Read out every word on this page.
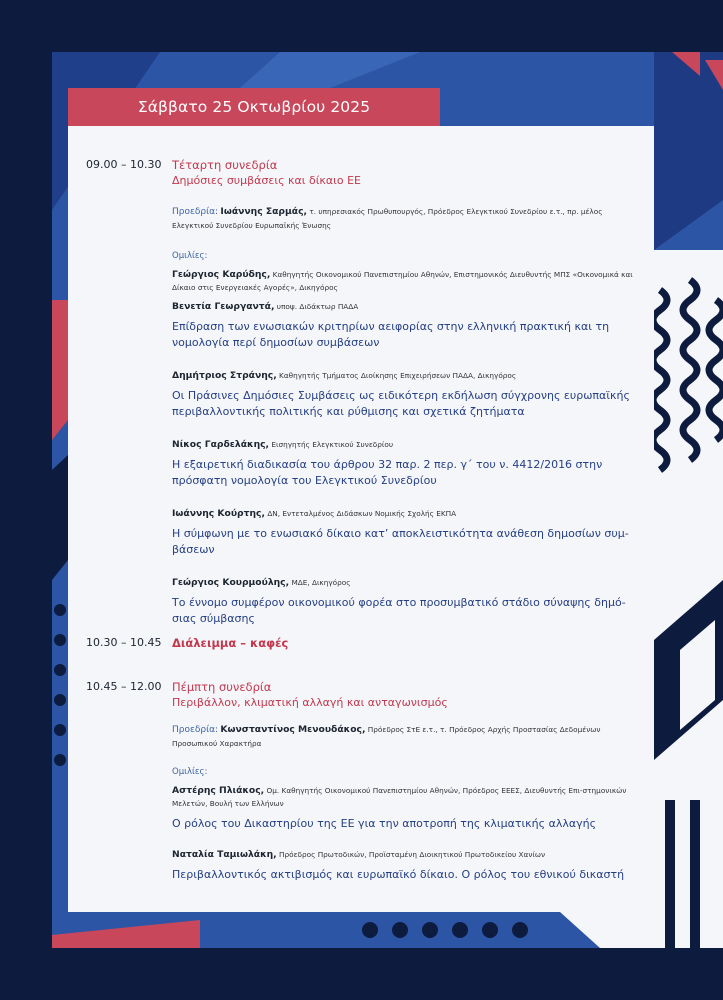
Σάββατο 25 Οκτωβρίου 2025
09.00 – 10.30 Τέταρτη συνεδρία
Δημόσιες συμβάσεις και δίκαιο ΕΕ
Προεδρία: Ιωάννης Σαρμάς, τ. υπηρεσιακός Πρωθυπουργός, Πρόεδρος Ελεγκτικού Συνεδρίου ε.τ., πρ. μέλος Ελεγκτικού Συνεδρίου Ευρωπαϊκής Ένωσης
Ομιλίες:
Γεώργιος Καρύδης, Καθηγητής Οικονομικού Πανεπιστημίου Αθηνών, Επιστημονικός Διευθυντής ΜΠΣ «Οικονομικά και Δίκαιο στις Ενεργειακές Αγορές», Δικηγόρος
Βενετία Γεωργαντά, υποψ. Διδάκτωρ ΠΑΔΑ
Επίδραση των ενωσιακών κριτηρίων αειφορίας στην ελληνική πρακτική και τη νομολογία περί δημοσίων συμβάσεων
Δημήτριος Στράνης, Καθηγητής Τμήματος Διοίκησης Επιχειρήσεων ΠΑΔΑ, Δικηγόρος
Οι Πράσινες Δημόσιες Συμβάσεις ως ειδικότερη εκδήλωση σύγχρονης ευρωπαϊκής περιβαλλοντικής πολιτικής και ρύθμισης και σχετικά ζητήματα
Νίκος Γαρδελάκης, Εισηγητής Ελεγκτικού Συνεδρίου
Η εξαιρετική διαδικασία του άρθρου 32 παρ. 2 περ. γ΄ του ν. 4412/2016 στην πρόσφατη νομολογία του Ελεγκτικού Συνεδρίου
Ιωάννης Κούρτης, ΔΝ, Εντεταλμένος Διδάσκων Νομικής Σχολής ΕΚΠΑ
Η σύμφωνη με το ενωσιακό δίκαιο κατ’ αποκλειστικότητα ανάθεση δημοσίων συμ-βάσεων
Γεώργιος Κουρμούλης, ΜΔΕ, Δικηγόρος
Το έννομο συμφέρον οικονομικού φορέα στο προσυμβατικό στάδιο σύναψης δημό-σιας σύμβασης
10.30 – 10.45 Διάλειμμα – καφές
10.45 – 12.00 Πέμπτη συνεδρία
Περιβάλλον, κλιματική αλλαγή και ανταγωνισμός
Προεδρία: Κωνσταντίνος Μενουδάκος, Πρόεδρος ΣτΕ ε.τ., τ. Πρόεδρος Αρχής Προστασίας Δεδομένων Προσωπικού Χαρακτήρα
Ομιλίες:
Αστέρης Πλιάκος, Ομ. Καθηγητής Οικονομικού Πανεπιστημίου Αθηνών, Πρόεδρος ΕΕΕΣ, Διευθυντής Επι-στημονικών Μελετών, Βουλή των Ελλήνων
Ο ρόλος του Δικαστηρίου της ΕΕ για την αποτροπή της κλιματικής αλλαγής
Ναταλία Ταμιωλάκη, Πρόεδρος Πρωτοδικών, Προϊσταμένη Διοικητικού Πρωτοδικείου Χανίων
Περιβαλλοντικός ακτιβισμός και ευρωπαϊκό δίκαιο. Ο ρόλος του εθνικού δικαστή
